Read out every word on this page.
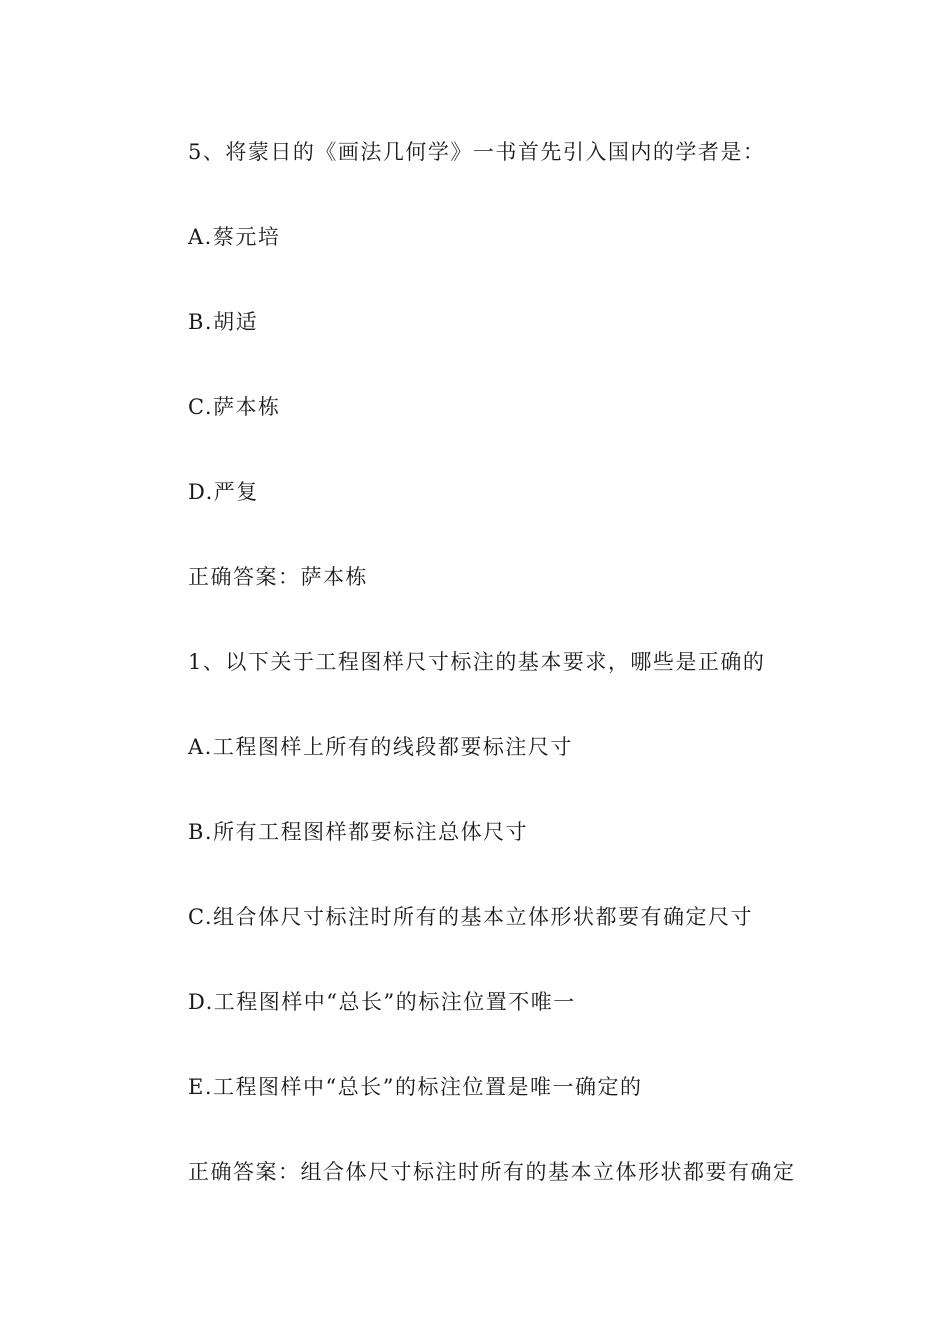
5、将蒙日的《画法几何学》一书首先引入国内的学者是：
A.蔡元培
B.胡适
C.萨本栋
D.严复
正确答案：萨本栋
1、以下关于工程图样尺寸标注的基本要求，哪些是正确的
A.工程图样上所有的线段都要标注尺寸
B.所有工程图样都要标注总体尺寸
C.组合体尺寸标注时所有的基本立体形状都要有确定尺寸
D.工程图样中“总长”的标注位置不唯一
E.工程图样中“总长”的标注位置是唯一确定的
正确答案：组合体尺寸标注时所有的基本立体形状都要有确定
